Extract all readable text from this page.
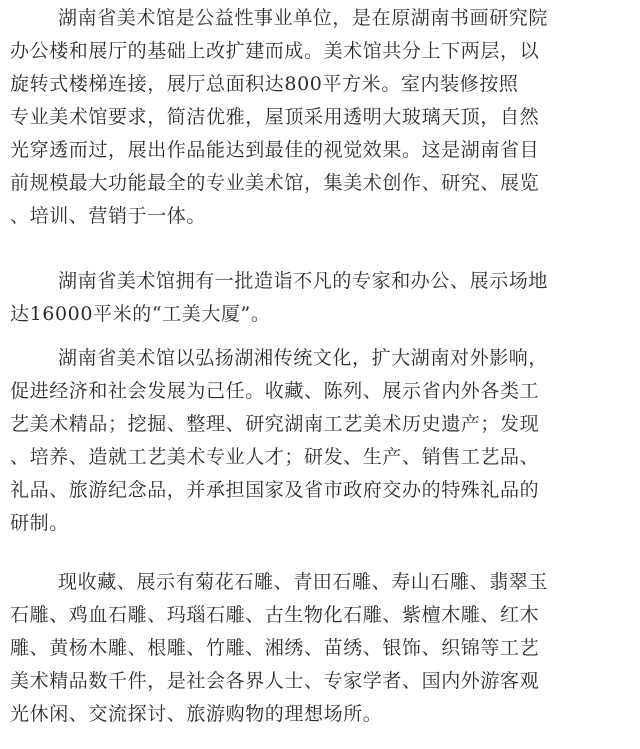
湖南省美术馆是公益性事业单位，是在原湖南书画研究院
办公楼和展厅的基础上改扩建而成。美术馆共分上下两层，以
旋转式楼梯连接，展厅总面积达800平方米。室内装修按照
专业美术馆要求，简洁优雅，屋顶采用透明大玻璃天顶，自然
光穿透而过，展出作品能达到最佳的视觉效果。这是湖南省目
前规模最大功能最全的专业美术馆，集美术创作、研究、展览
、培训、营销于一体。
湖南省美术馆拥有一批造诣不凡的专家和办公、展示场地
达16000平米的“工美大厦”。
湖南省美术馆以弘扬湖湘传统文化，扩大湖南对外影响，
促进经济和社会发展为己任。收藏、陈列、展示省内外各类工
艺美术精品；挖掘、整理、研究湖南工艺美术历史遗产；发现
、培养、造就工艺美术专业人才；研发、生产、销售工艺品、
礼品、旅游纪念品，并承担国家及省市政府交办的特殊礼品的
研制。
现收藏、展示有菊花石雕、青田石雕、寿山石雕、翡翠玉
石雕、鸡血石雕、玛瑙石雕、古生物化石雕、紫檀木雕、红木
雕、黄杨木雕、根雕、竹雕、湘绣、苗绣、银饰、织锦等工艺
美术精品数千件，是社会各界人士、专家学者、国内外游客观
光休闲、交流探讨、旅游购物的理想场所。
